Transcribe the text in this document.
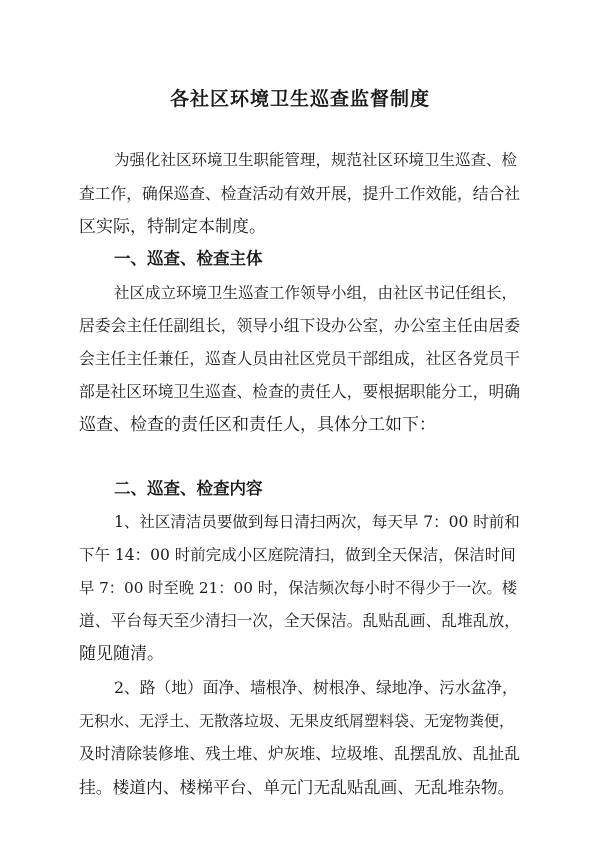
各社区环境卫生巡查监督制度
为强化社区环境卫生职能管理，规范社区环境卫生巡查、检
查工作，确保巡查、检查活动有效开展，提升工作效能，结合社
区实际，特制定本制度。
一、巡查、检查主体
社区成立环境卫生巡查工作领导小组，由社区书记任组长，
居委会主任任副组长，领导小组下设办公室，办公室主任由居委
会主任主任兼任，巡查人员由社区党员干部组成，社区各党员干
部是社区环境卫生巡查、检查的责任人，要根据职能分工，明确
巡查、检查的责任区和责任人，具体分工如下：
二、巡查、检查内容
1、社区清洁员要做到每日清扫两次，每天早 7：00 时前和
下午 14：00 时前完成小区庭院清扫，做到全天保洁，保洁时间
早 7：00 时至晚 21：00 时，保洁频次每小时不得少于一次。楼
道、平台每天至少清扫一次，全天保洁。乱贴乱画、乱堆乱放，
随见随清。
2、路（地）面净、墙根净、树根净、绿地净、污水盆净，
无积水、无浮土、无散落垃圾、无果皮纸屑塑料袋、无宠物粪便，
及时清除装修堆、残土堆、炉灰堆、垃圾堆、乱摆乱放、乱扯乱
挂。楼道内、楼梯平台、单元门无乱贴乱画、无乱堆杂物。
